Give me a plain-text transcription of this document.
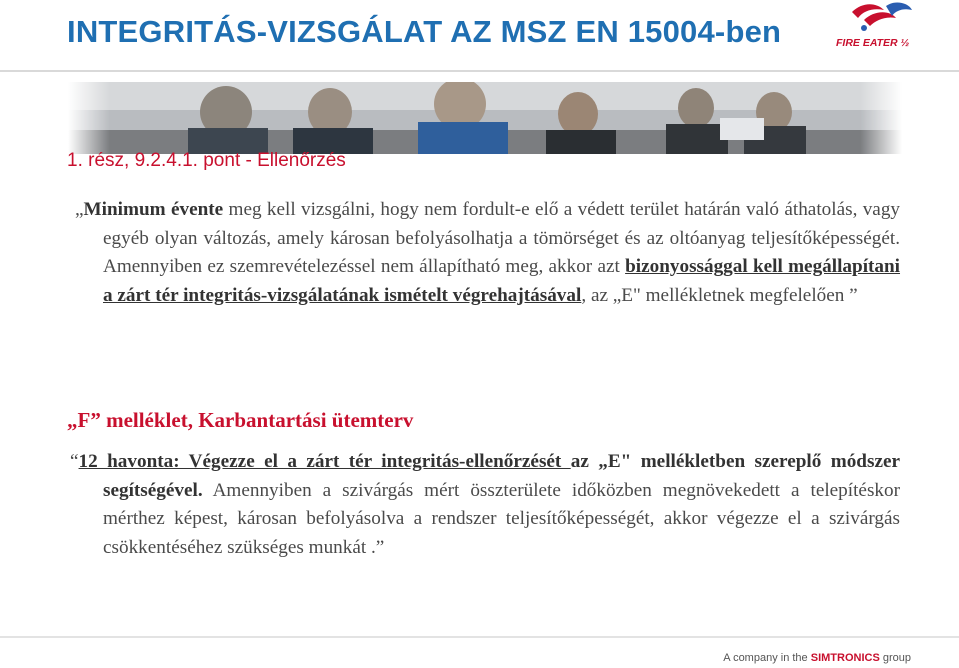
INTEGRITÁS-VIZSGÁLAT AZ MSZ EN 15004-ben	FIRE EATER ½
1. rész, 9.2.4.1. pont - Ellenőrzés
„Minimum évente meg kell vizsgálni, hogy nem fordult-e elő a védett terület határán való áthatolás, vagy egyéb olyan változás, amely károsan befolyásolhatja a tömörséget és az oltóanyag teljesítőképességét. Amennyiben ez szemrevételezéssel nem állapítható meg, akkor azt bizonyossággal kell megállapítani a zárt tér integritás-vizsgálatának ismételt végrehajtásával, az „E" mellékletnek megfelelően ”
„F” melléklet, Karbantartási ütemterv
“12 havonta: Végezze el a zárt tér integritás-ellenőrzését az „E" mellékletben szereplő módszer segítségével. Amennyiben a szivárgás mért összterülete időközben megnövekedett a telepítéskor mérthez képest, károsan befolyásolva a rendszer teljesítőképességét, akkor végezze el a szivárgás csökkentéséhez szükséges munkát .”
A company in the SIMTRONICS group
